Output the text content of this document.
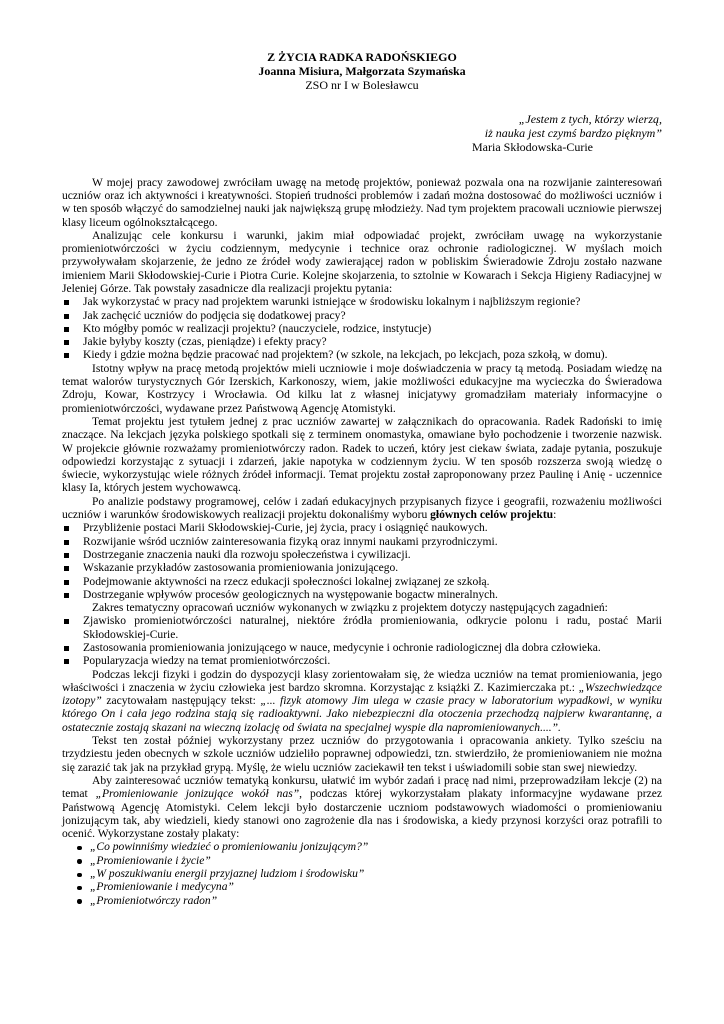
Z ŻYCIA RADKA RADOŃSKIEGO
Joanna Misiura, Małgorzata Szymańska
ZSO nr I w Bolesławcu
„Jestem z tych, którzy wierzą,
iż nauka jest czymś bardzo pięknym”
Maria Skłodowska-Curie

W mojej pracy zawodowej zwróciłam uwagę na metodę projektów, ponieważ pozwala ona na rozwijanie zainteresowań uczniów oraz ich aktywności i kreatywności. Stopień trudności problemów i zadań można dostosować do możliwości uczniów i w ten sposób włączyć do samodzielnej nauki jak największą grupę młodzieży. Nad tym projektem pracowali uczniowie pierwszej klasy liceum ogólnokształcącego.

Analizując cele konkursu i warunki, jakim miał odpowiadać projekt, zwróciłam uwagę na wykorzystanie promieniotwórczości w życiu codziennym, medycynie i technice oraz ochronie radiologicznej. W myślach moich przywoływałam skojarzenie, że jedno ze źródeł wody zawierającej radon w pobliskim Świeradowie Zdroju zostało nazwane imieniem Marii Skłodowskiej-Curie i Piotra Curie. Kolejne skojarzenia, to sztolnie w Kowarach i Sekcja Higieny Radiacyjnej w Jeleniej Górze. Tak powstały zasadnicze dla realizacji projektu pytania:

Jak wykorzystać w pracy nad projektem warunki istniejące w środowisku lokalnym i najbliższym regionie?
Jak zachęcić uczniów do podjęcia się dodatkowej pracy?
Kto mógłby pomóc w realizacji projektu? (nauczyciele, rodzice, instytucje)
Jakie byłyby koszty (czas, pieniądze) i efekty pracy?
Kiedy i gdzie można będzie pracować nad projektem? (w szkole, na lekcjach, po lekcjach, poza szkołą, w domu).

Istotny wpływ na pracę metodą projektów mieli uczniowie i moje doświadczenia w pracy tą metodą. Posiadam wiedzę na temat walorów turystycznych Gór Izerskich, Karkonoszy, wiem, jakie możliwości edukacyjne ma wycieczka do Świeradowa Zdroju, Kowar, Kostrzycy i Wrocławia. Od kilku lat z własnej inicjatywy gromadziłam materiały informacyjne o promieniotwórczości, wydawane przez Państwową Agencję Atomistyki.

Temat projektu jest tytułem jednej z prac uczniów zawartej w załącznikach do opracowania. Radek Radoński to imię znaczące. Na lekcjach języka polskiego spotkali się z terminem onomastyka, omawiane było pochodzenie i tworzenie nazwisk. W projekcie głównie rozważamy promieniotwórczy radon. Radek to uczeń, który jest ciekaw świata, zadaje pytania, poszukuje odpowiedzi korzystając z sytuacji i zdarzeń, jakie napotyka w codziennym życiu. W ten sposób rozszerza swoją wiedzę o świecie, wykorzystując wiele różnych źródeł informacji. Temat projektu został zaproponowany przez Paulinę i Anię - uczennice klasy Ia, których jestem wychowawcą.

Po analizie podstawy programowej, celów i zadań edukacyjnych przypisanych fizyce i geografii, rozważeniu możliwości uczniów i warunków środowiskowych realizacji projektu dokonaliśmy wyboru głównych celów projektu:

Przybliżenie postaci Marii Skłodowskiej-Curie, jej życia, pracy i osiągnięć naukowych.
Rozwijanie wśród uczniów zainteresowania fizyką oraz innymi naukami przyrodniczymi.
Dostrzeganie znaczenia nauki dla rozwoju społeczeństwa i cywilizacji.
Wskazanie przykładów zastosowania promieniowania jonizującego.
Podejmowanie aktywności na rzecz edukacji społeczności lokalnej związanej ze szkołą.
Dostrzeganie wpływów procesów geologicznych na występowanie bogactw mineralnych.

Zakres tematyczny opracowań uczniów wykonanych w związku z projektem dotyczy następujących zagadnień:

Zjawisko promieniotwórczości naturalnej, niektóre źródła promieniowania, odkrycie polonu i radu, postać Marii Skłodowskiej-Curie.
Zastosowania promieniowania jonizującego w nauce, medycynie i ochronie radiologicznej dla dobra człowieka.
Popularyzacja wiedzy na temat promieniotwórczości.

Podczas lekcji fizyki i godzin do dyspozycji klasy zorientowałam się, że wiedza uczniów na temat promieniowania, jego właściwości i znaczenia w życiu człowieka jest bardzo skromna. Korzystając z książki Z. Kazimierczaka pt.: „Wszechwiedzące izotopy” zacytowałam następujący tekst: „... fizyk atomowy Jim ulega w czasie pracy w laboratorium wypadkowi, w wyniku którego On i cała jego rodzina stają się radioaktywni. Jako niebezpieczni dla otoczenia przechodzą najpierw kwarantannę, a ostatecznie zostają skazani na wieczną izolację od świata na specjalnej wyspie dla napromieniowanych....”.

Tekst ten został później wykorzystany przez uczniów do przygotowania i opracowania ankiety. Tylko sześciu na trzydziestu jeden obecnych w szkole uczniów udzieliło poprawnej odpowiedzi, tzn. stwierdziło, że promieniowaniem nie można się zarazić tak jak na przykład grypą. Myślę, że wielu uczniów zaciekawił ten tekst i uświadomili sobie stan swej niewiedzy.

Aby zainteresować uczniów tematyką konkursu, ułatwić im wybór zadań i pracę nad nimi, przeprowadziłam lekcje (2) na temat „Promieniowanie jonizujące wokół nas”, podczas której wykorzystałam plakaty informacyjne wydawane przez Państwową Agencję Atomistyki. Celem lekcji było dostarczenie uczniom podstawowych wiadomości o promieniowaniu jonizującym tak, aby wiedzieli, kiedy stanowi ono zagrożenie dla nas i środowiska, a kiedy przynosi korzyści oraz potrafili to ocenić. Wykorzystane zostały plakaty:

„Co powinniśmy wiedzieć o promieniowaniu jonizującym?”
„Promieniowanie i życie”
„W poszukiwaniu energii przyjaznej ludziom i środowisku”
„Promieniowanie i medycyna”
„Promieniotwórczy radon”
